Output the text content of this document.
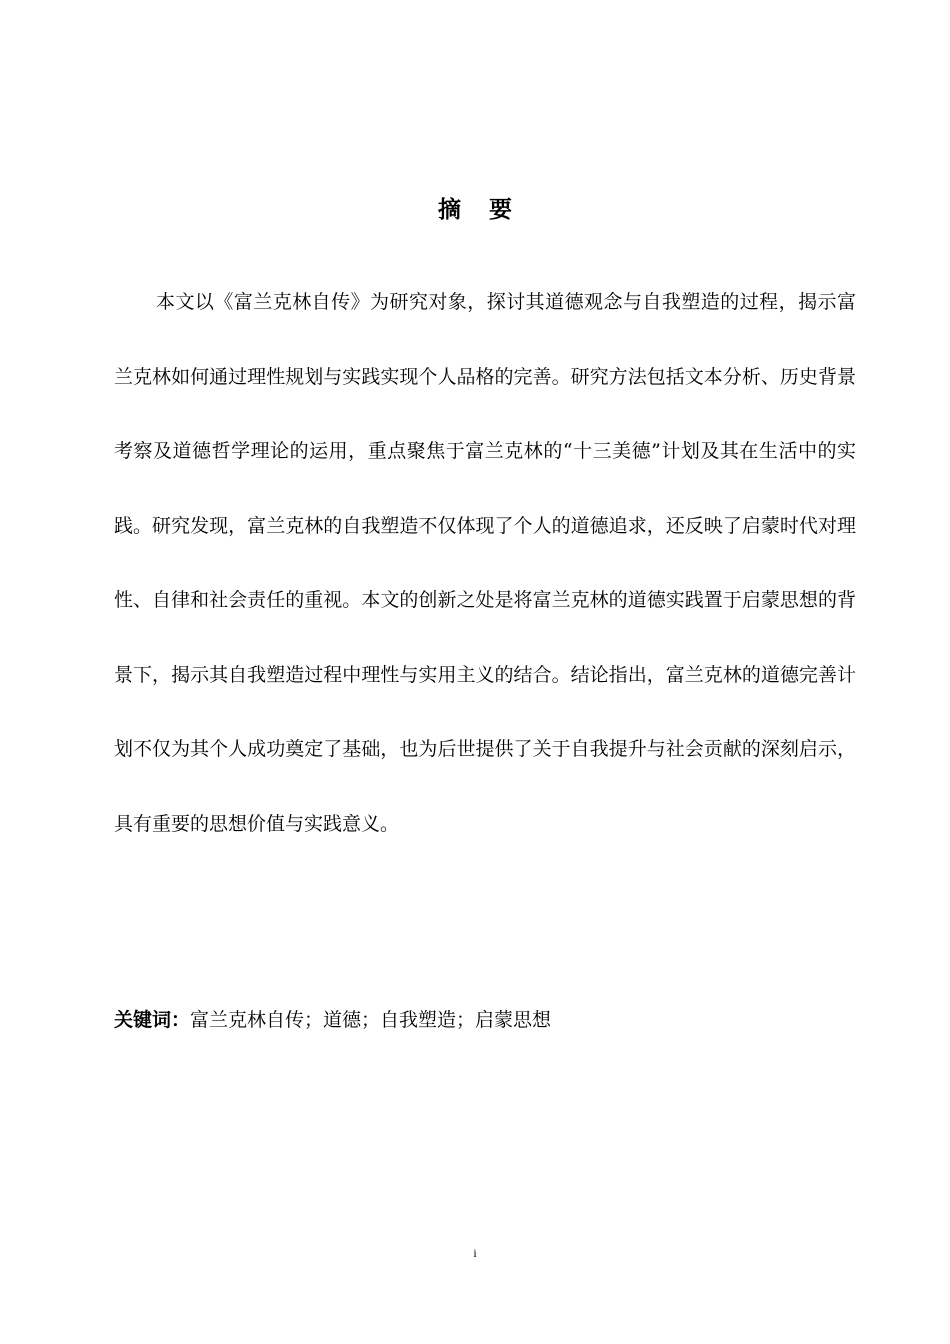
摘 要

本文以《富兰克林自传》为研究对象，探讨其道德观念与自我塑造的过程，揭示富兰克林如何通过理性规划与实践实现个人品格的完善。研究方法包括文本分析、历史背景考察及道德哲学理论的运用，重点聚焦于富兰克林的“十三美德”计划及其在生活中的实践。研究发现，富兰克林的自我塑造不仅体现了个人的道德追求，还反映了启蒙时代对理性、自律和社会责任的重视。本文的创新之处是将富兰克林的道德实践置于启蒙思想的背景下，揭示其自我塑造过程中理性与实用主义的结合。结论指出，富兰克林的道德完善计划不仅为其个人成功奠定了基础，也为后世提供了关于自我提升与社会贡献的深刻启示，具有重要的思想价值与实践意义。

关键词：富兰克林自传；道德；自我塑造；启蒙思想
i
